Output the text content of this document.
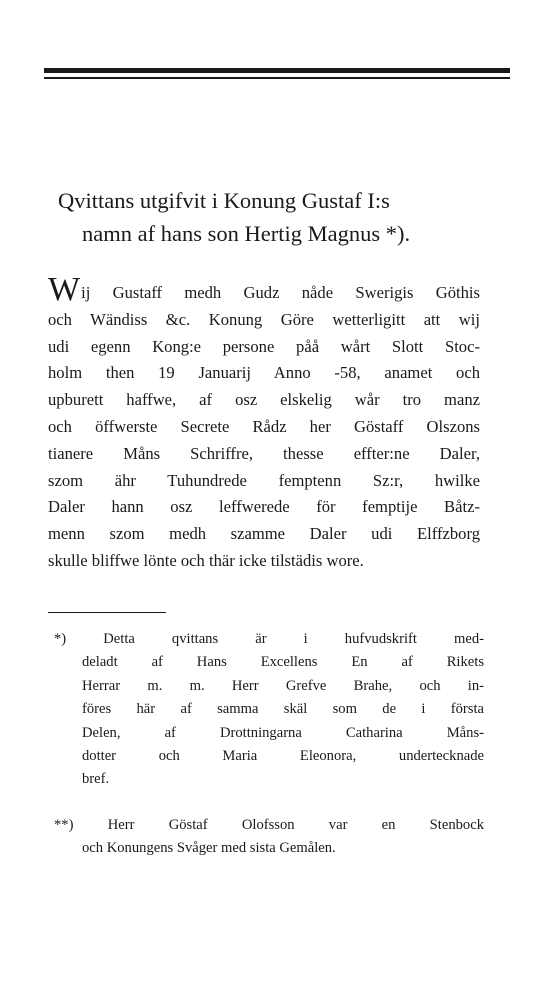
Qvittans utgifvit i Konung Gustaf I:s
namn af hans son Hertig Magnus *).
Wij Gustaff medh Gudz nåde Swerigis Göthis
och Wändiss &c. Konung Göre wetterligitt att wij
udi egenn Kong:e persone påå wårt Slott Stoc-
holm then 19 Januarij Anno -58, anamet och
upburett haffwe, af osz elskelig wår tro manz
och öffwerste Secrete Rådz her Göstaff Olszons
tianere Måns Schriffre, thesse effter:ne Daler,
szom ähr Tuhundrede femptenn Sz:r, hwilke
Daler hann osz leffwerede för femptije Båtz-
menn szom medh szamme Daler udi Elffzborg
skulle bliffwe lönte och thär icke tilstädis wore.
*)	Detta qvittans är i hufvudskrift med-
deladt af Hans Excellens En af Rikets
Herrar m. m. Herr Grefve Brahe, och in-
föres här af samma skäl som de i första
Delen, af Drottningarna Catharina Måns-
dotter och Maria Eleonora, undertecknade
bref.
**) Herr Göstaf Olofsson var en Stenbock
och Konungens Svåger med sista Gemålen.
